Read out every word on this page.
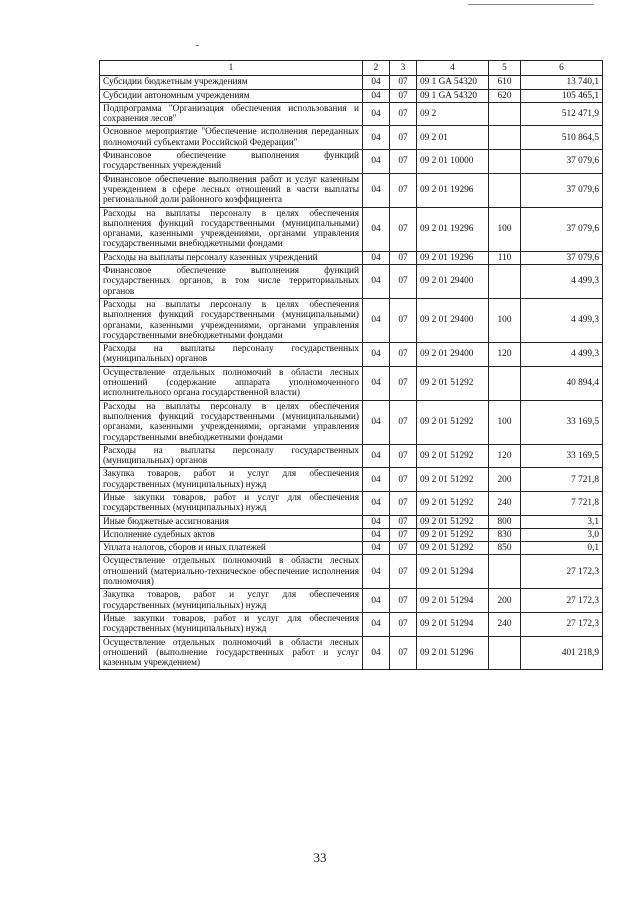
1	2	3	4	5	6
Субсидии бюджетным учреждениям	04	07	09 1 GA 54320	610	13 740,1
Субсидии автономным учреждениям	04	07	09 1 GA 54320	620	105 465,1
Подпрограмма "Организация обеспечения использования и сохранения лесов"	04	07	09 2		512 471,9
Основное мероприятие "Обеспечение исполнения переданных полномочий субъектами Российской Федерации"	04	07	09 2 01		510 864,5
Финансовое обеспечение выполнения функций государственных учреждений	04	07	09 2 01 10000		37 079,6
Финансовое обеспечение выполнения работ и услуг казенным учреждением в сфере лесных отношений в части выплаты региональной доли районного коэффициента	04	07	09 2 01 19296		37 079,6
Расходы на выплаты персоналу в целях обеспечения выполнения функций государственными (муниципальными) органами, казенными учреждениями, органами управления государственными внебюджетными фондами	04	07	09 2 01 19296	100	37 079,6
Расходы на выплаты персоналу казенных учреждений	04	07	09 2 01 19296	110	37 079,6
Финансовое обеспечение выполнения функций государственных органов, в том числе территориальных органов	04	07	09 2 01 29400		4 499,3
Расходы на выплаты персоналу в целях обеспечения выполнения функций государственными (муниципальными) органами, казенными учреждениями, органами управления государственными внебюджетными фондами	04	07	09 2 01 29400	100	4 499,3
Расходы на выплаты персоналу государственных (муниципальных) органов	04	07	09 2 01 29400	120	4 499,3
Осуществление отдельных полномочий в области лесных отношений (содержание аппарата уполномоченного исполнительного органа государственной власти)	04	07	09 2 01 51292		40 894,4
Расходы на выплаты персоналу в целях обеспечения выполнения функций государственными (муниципальными) органами, казенными учреждениями, органами управления государственными внебюджетными фондами	04	07	09 2 01 51292	100	33 169,5
Расходы на выплаты персоналу государственных (муниципальных) органов	04	07	09 2 01 51292	120	33 169,5
Закупка товаров, работ и услуг для обеспечения государственных (муниципальных) нужд	04	07	09 2 01 51292	200	7 721,8
Иные закупки товаров, работ и услуг для обеспечения государственных (муниципальных) нужд	04	07	09 2 01 51292	240	7 721,8
Иные бюджетные ассигнования	04	07	09 2 01 51292	800	3,1
Исполнение судебных актов	04	07	09 2 01 51292	830	3,0
Уплата налогов, сборов и иных платежей	04	07	09 2 01 51292	850	0,1
Осуществление отдельных полномочий в области лесных отношений (материально-техническое обеспечение исполнения полномочия)	04	07	09 2 01 51294		27 172,3
Закупка товаров, работ и услуг для обеспечения государственных (муниципальных) нужд	04	07	09 2 01 51294	200	27 172,3
Иные закупки товаров, работ и услуг для обеспечения государственных (муниципальных) нужд	04	07	09 2 01 51294	240	27 172,3
Осуществление отдельных полномочий в области лесных отношений (выполнение государственных работ и услуг казенным учреждением)	04	07	09 2 01 51296		401 218,9
33
